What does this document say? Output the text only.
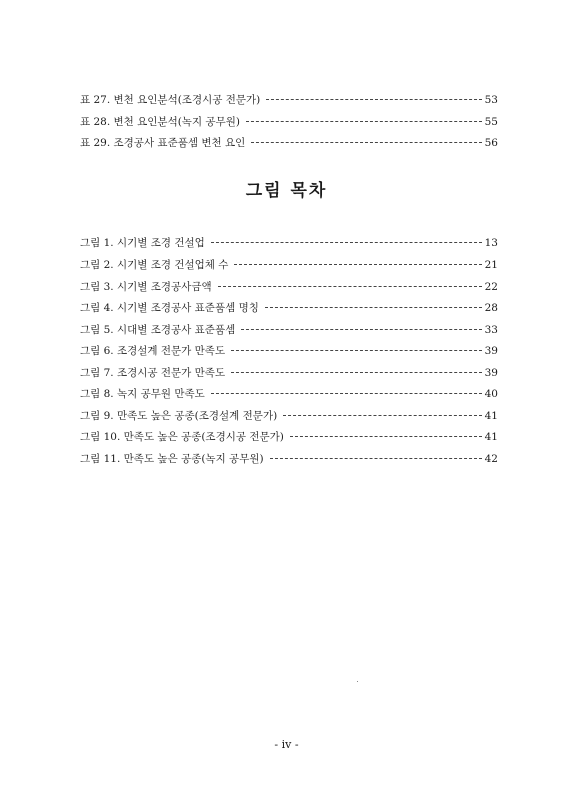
표 27. 변천 요인분석(조경시공 전문가)	53
표 28. 변천 요인분석(녹지 공무원)	55
표 29. 조경공사 표준품셈 변천 요인	56
그림 목차
그림 1. 시기별 조경 건설업	13
그림 2. 시기별 조경 건설업체 수	21
그림 3. 시기별 조경공사금액	22
그림 4. 시기별 조경공사 표준품셈 명칭	28
그림 5. 시대별 조경공사 표준품셈	33
그림 6. 조경설계 전문가 만족도	39
그림 7. 조경시공 전문가 만족도	39
그림 8. 녹지 공무원 만족도	40
그림 9. 만족도 높은 공종(조경설계 전문가)	41
그림 10. 만족도 높은 공종(조경시공 전문가)	41
그림 11. 만족도 높은 공종(녹지 공무원)	42
- iv -
